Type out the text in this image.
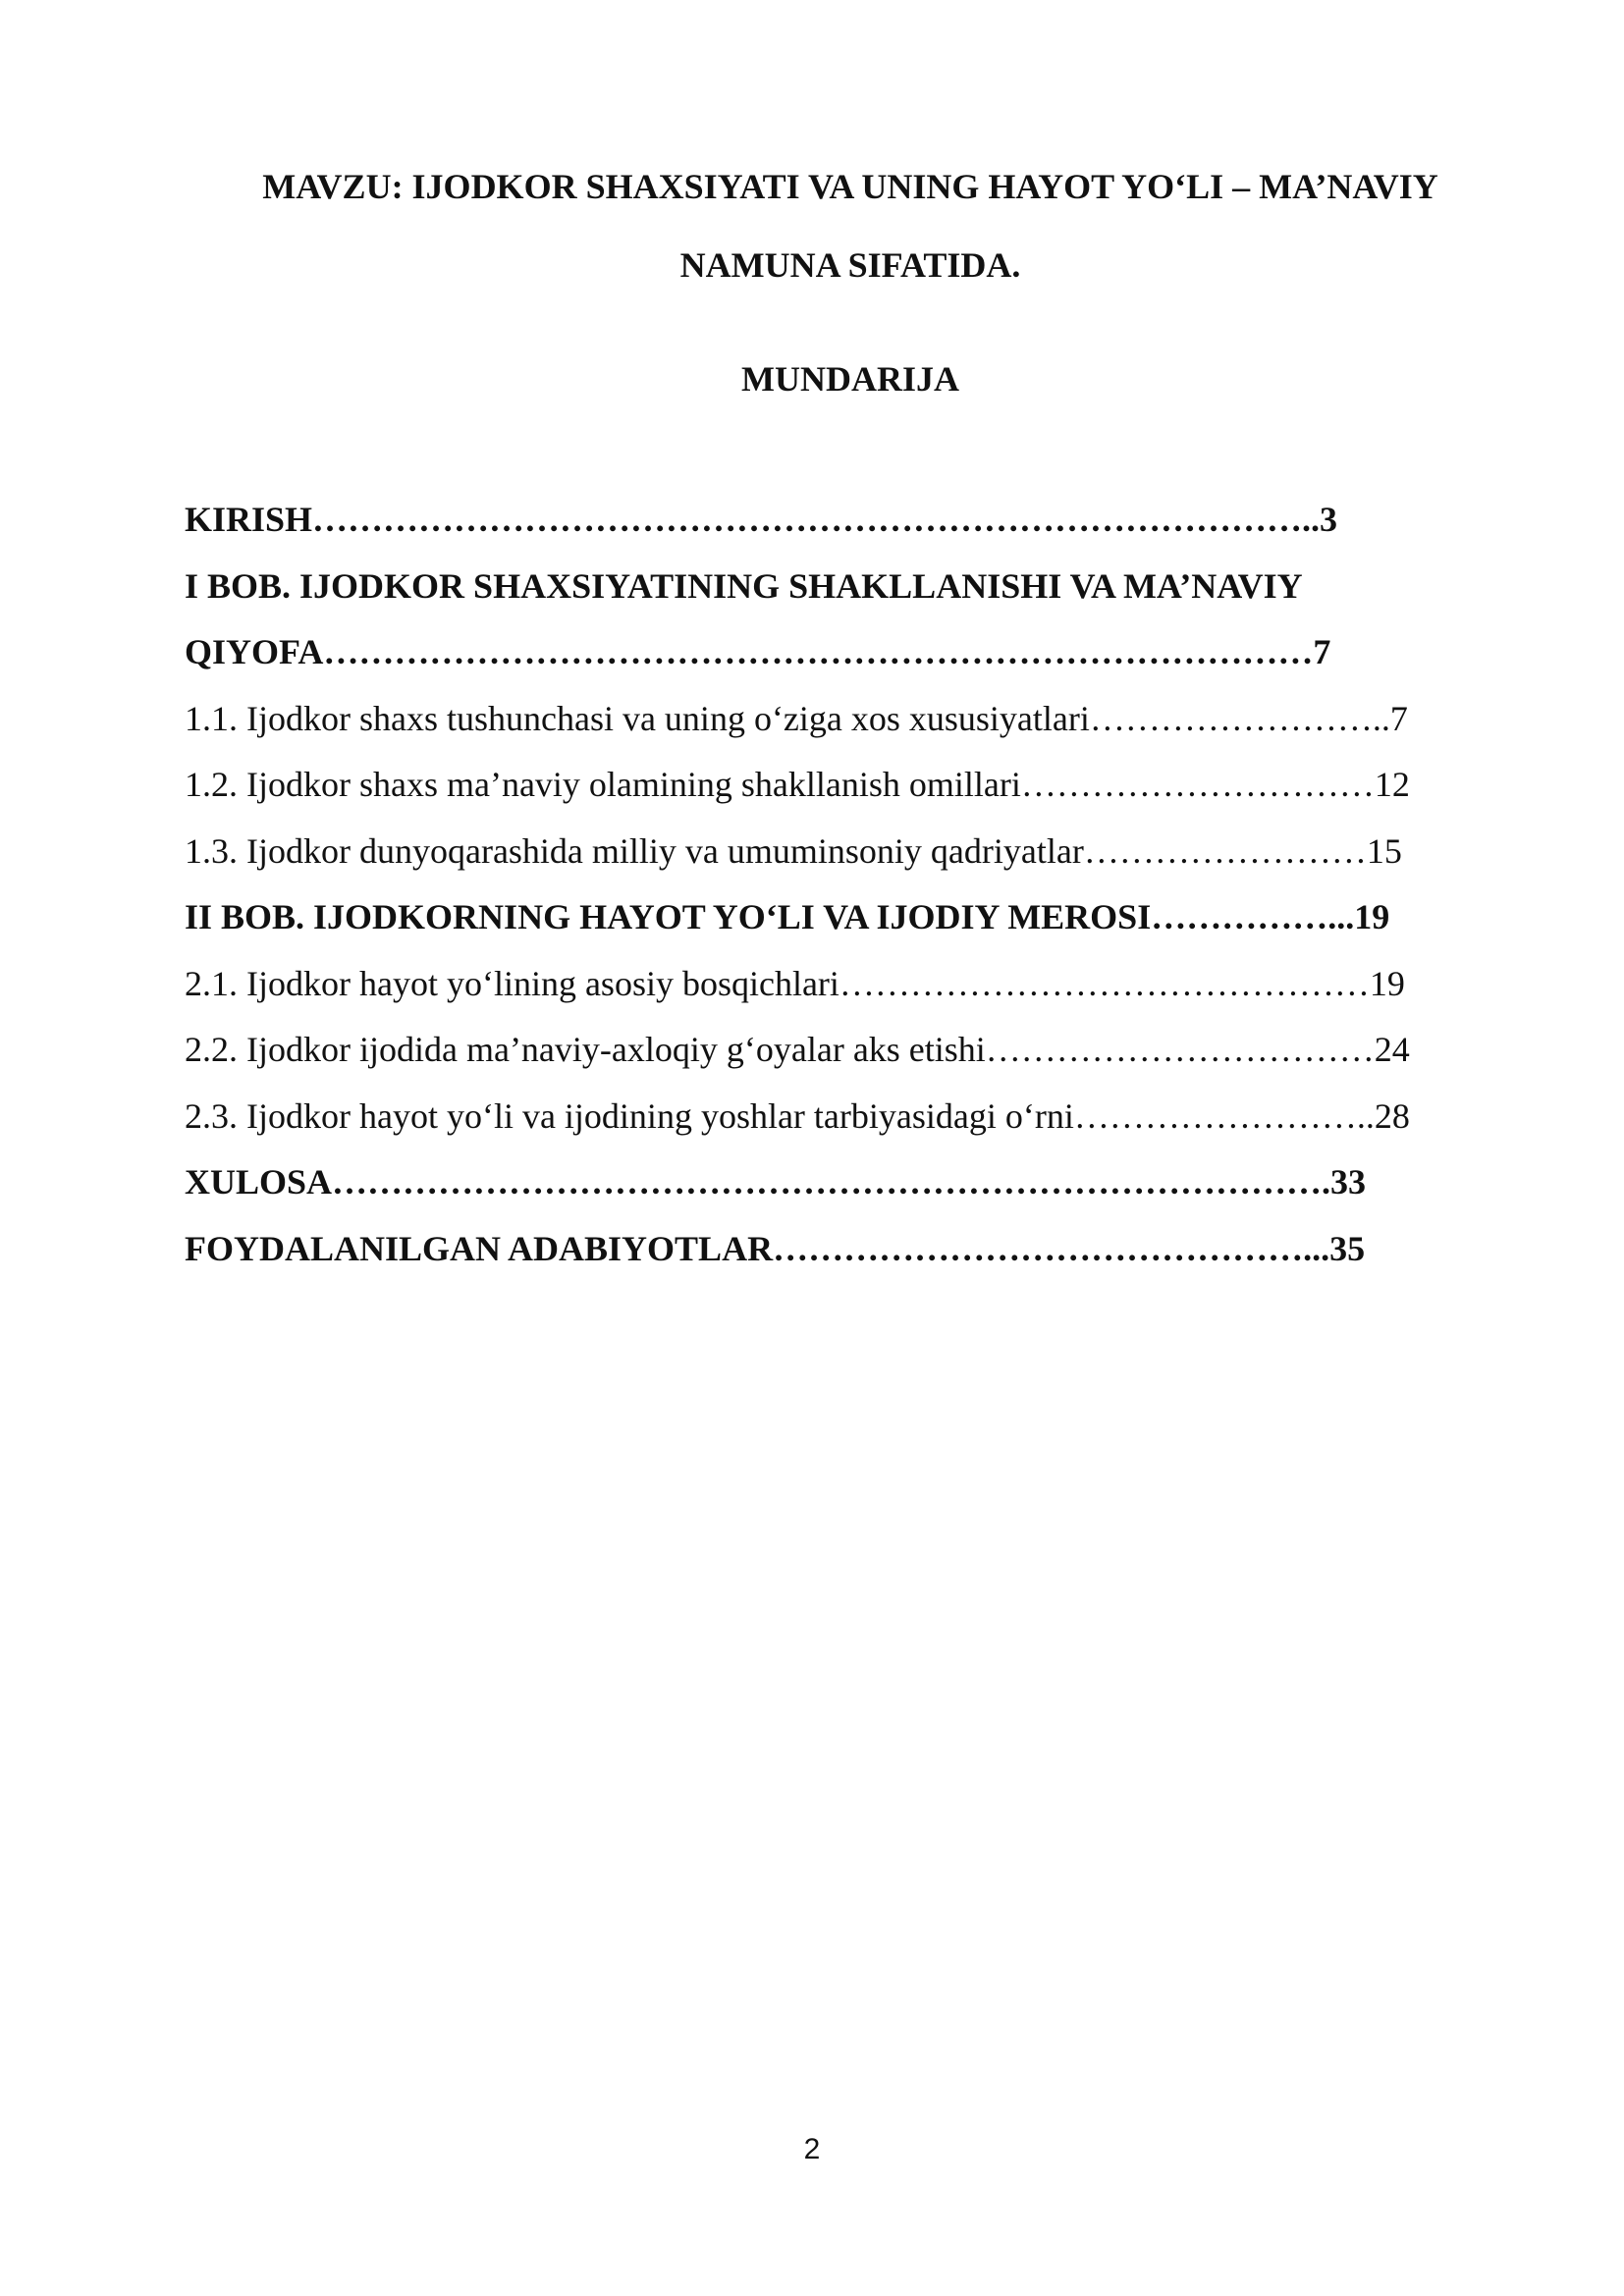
MAVZU: IJODKOR SHAXSIYATI VA UNING HAYOT YO‘LI – MA’NAVIY NAMUNA SIFATIDA.
MUNDARIJA
KIRISH…………………………………………………………………………..3
I BOB. IJODKOR SHAXSIYATINING SHAKLLANISHI VA MA’NAVIY
QIYOFA…………………………………………………………………………7
1.1. Ijodkor shaxs tushunchasi va uning o‘ziga xos xususiyatlari……………………..7
1.2. Ijodkor shaxs ma’naviy olamining shakllanish omillari…………………………12
1.3. Ijodkor dunyoqarashida milliy va umuminsoniy qadriyatlar……………………15
II BOB. IJODKORNING HAYOT YO‘LI VA IJODIY MEROSI……………...19
2.1. Ijodkor hayot yo‘lining asosiy bosqichlari………………………………………19
2.2. Ijodkor ijodida ma’naviy-axloqiy g‘oyalar aks etishi……………………………24
2.3. Ijodkor hayot yo‘li va ijodining yoshlar tarbiyasidagi o‘rni……………………..28
XULOSA………………………………………………………………………….33
FOYDALANILGAN ADABIYOTLAR………………………………………...35
2
